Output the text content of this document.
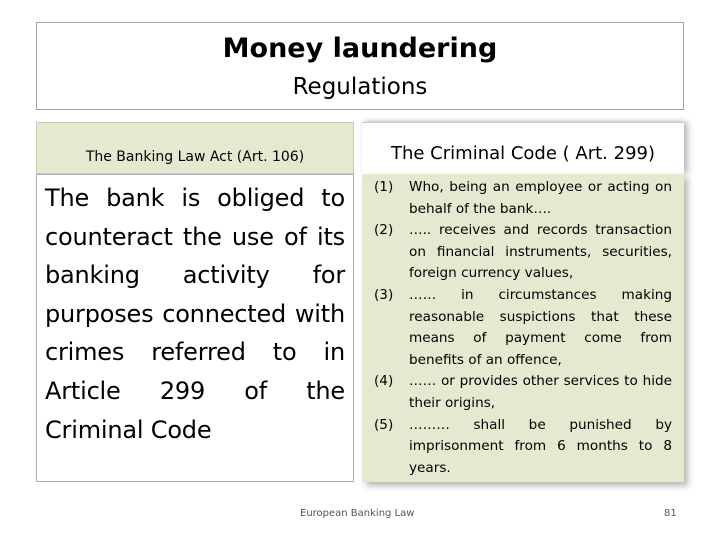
Money laundering
Regulations
The Banking Law Act (Art. 106)
The bank is obliged to counteract the use of its banking activity for purposes connected with crimes referred to in Article 299 of the Criminal Code
The Criminal Code ( Art. 299)
(1)	Who, being an employee or acting on behalf of the bank….
(2)	….. receives and records transaction on financial instruments, securities, foreign currency values,
(3)	…… in circumstances making reasonable suspictions that these means of payment come from benefits of an offence,
(4)	…… or provides other services to hide their origins,
(5)	……… shall be punished by imprisonment from 6 months to 8 years.
European Banking Law	81
